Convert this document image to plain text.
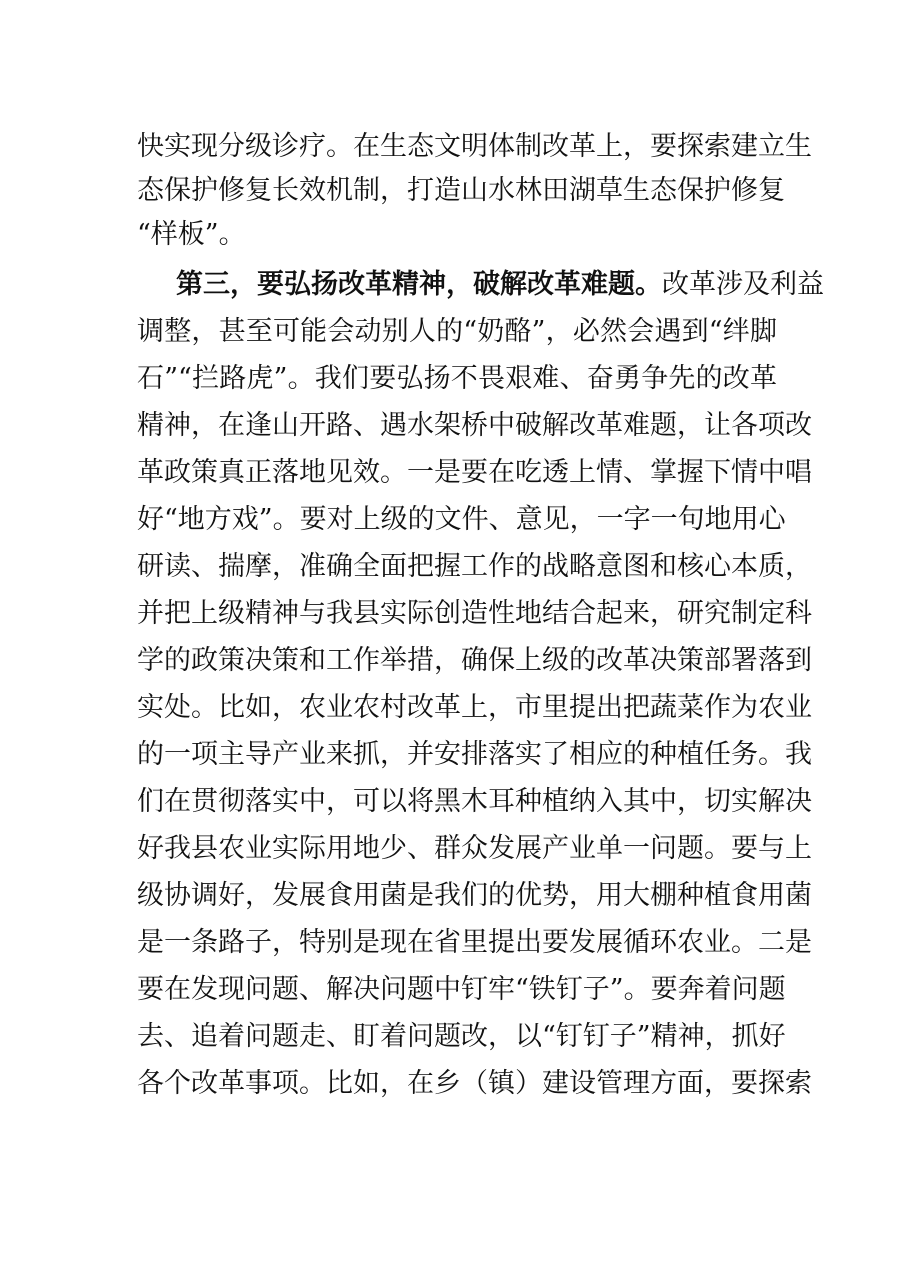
快实现分级诊疗。在生态文明体制改革上，要探索建立生
态保护修复长效机制，打造山水林田湖草生态保护修复
“样板”。
第三，要弘扬改革精神，破解改革难题。改革涉及利益
调整，甚至可能会动别人的“奶酪”，必然会遇到“绊脚
石”“拦路虎”。我们要弘扬不畏艰难、奋勇争先的改革
精神，在逢山开路、遇水架桥中破解改革难题，让各项改
革政策真正落地见效。一是要在吃透上情、掌握下情中唱
好“地方戏”。要对上级的文件、意见，一字一句地用心
研读、揣摩，准确全面把握工作的战略意图和核心本质，
并把上级精神与我县实际创造性地结合起来，研究制定科
学的政策决策和工作举措，确保上级的改革决策部署落到
实处。比如，农业农村改革上，市里提出把蔬菜作为农业
的一项主导产业来抓，并安排落实了相应的种植任务。我
们在贯彻落实中，可以将黑木耳种植纳入其中，切实解决
好我县农业实际用地少、群众发展产业单一问题。要与上
级协调好，发展食用菌是我们的优势，用大棚种植食用菌
是一条路子，特别是现在省里提出要发展循环农业。二是
要在发现问题、解决问题中钉牢“铁钉子”。要奔着问题
去、追着问题走、盯着问题改，以“钉钉子”精神，抓好
各个改革事项。比如，在乡（镇）建设管理方面，要探索
